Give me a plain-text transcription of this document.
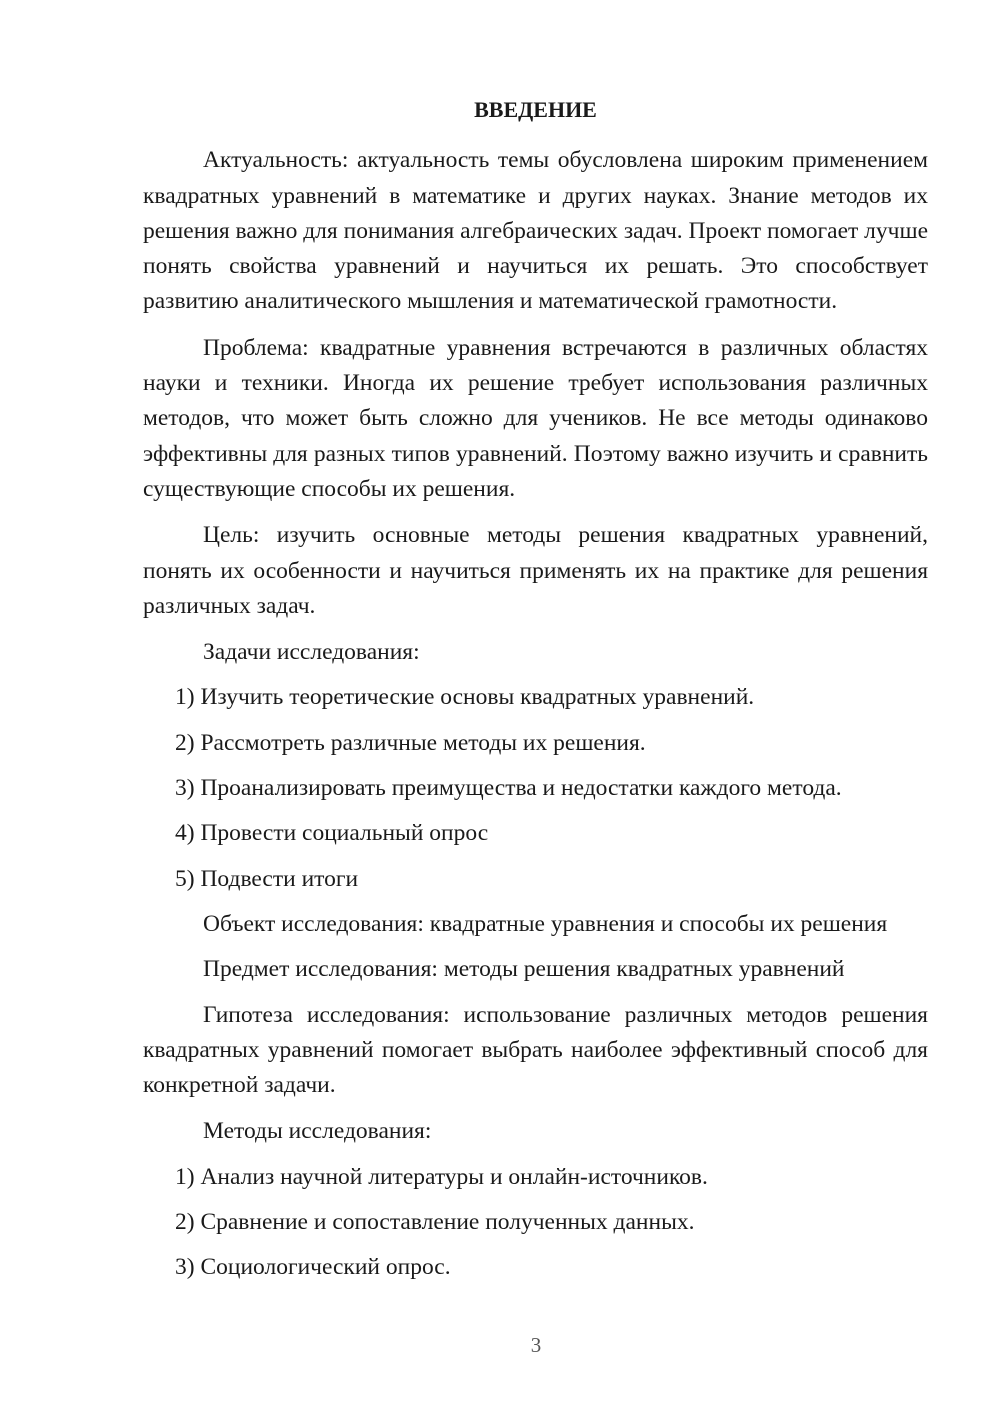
ВВЕДЕНИЕ

Актуальность: актуальность темы обусловлена широким применением квадратных уравнений в математике и других науках. Знание методов их решения важно для понимания алгебраических задач. Проект помогает лучше понять свойства уравнений и научиться их решать. Это способствует развитию аналитического мышления и математической грамотности.

Проблема: квадратные уравнения встречаются в различных областях науки и техники. Иногда их решение требует использования различных методов, что может быть сложно для учеников. Не все методы одинаково эффективны для разных типов уравнений. Поэтому важно изучить и сравнить существующие способы их решения.

Цель: изучить основные методы решения квадратных уравнений, понять их особенности и научиться применять их на практике для решения различных задач.

Задачи исследования:
1) Изучить теоретические основы квадратных уравнений.
2) Рассмотреть различные методы их решения.
3) Проанализировать преимущества и недостатки каждого метода.
4) Провести социальный опрос
5) Подвести итоги
Объект исследования: квадратные уравнения и способы их решения
Предмет исследования: методы решения квадратных уравнений

Гипотеза исследования: использование различных методов решения квадратных уравнений помогает выбрать наиболее эффективный способ для конкретной задачи.

Методы исследования:
1) Анализ научной литературы и онлайн-источников.
2) Сравнение и сопоставление полученных данных.
3) Социологический опрос.
3
